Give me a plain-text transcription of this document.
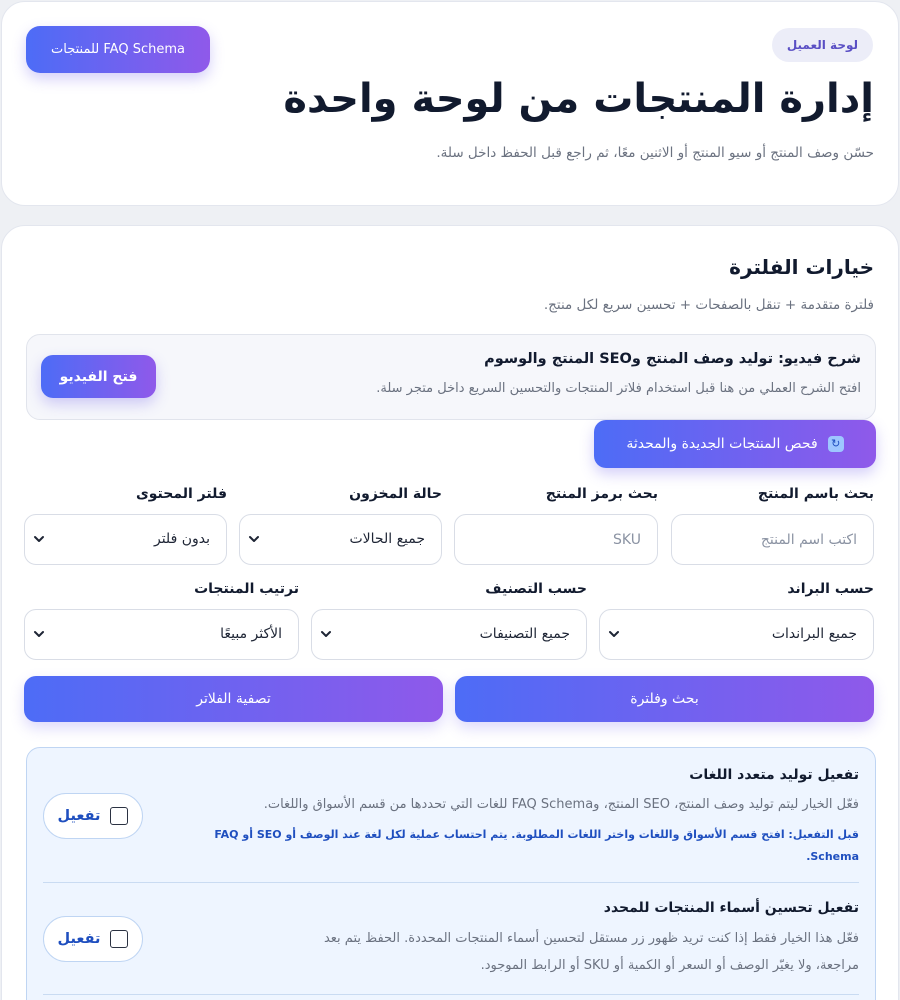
لوحة العميل
FAQ Schema للمنتجات
إدارة المنتجات من لوحة واحدة

حسّن وصف المنتج أو سيو المنتج أو الاثنين معًا، ثم راجع قبل الحفظ داخل سلة.

خيارات الفلترة

فلترة متقدمة + تنقل بالصفحات + تحسين سريع لكل منتج.

شرح فيديو: توليد وصف المنتج وSEO المنتج والوسوم
افتح الشرح العملي من هنا قبل استخدام فلاتر المنتجات والتحسين السريع داخل متجر سلة.
فتح الفيديو
↻
فحص المنتجات الجديدة والمحدثة
بحث باسم المنتج
بحث برمز المنتج
حالة المخزون
فلتر المحتوى
اكتب اسم المنتج
SKU
جميع الحالات
بدون فلتر
حسب البراند
حسب التصنيف
ترتيب المنتجات
جميع البراندات
جميع التصنيفات
الأكثر مبيعًا
بحث وفلترة
تصفية الفلاتر
تفعيل توليد متعدد اللغات
فعّل الخيار ليتم توليد وصف المنتج، SEO المنتج، وFAQ Schema للغات التي تحددها من قسم الأسواق واللغات.
قبل التفعيل: افتح قسم الأسواق واللغات واختر اللغات المطلوبة. يتم احتساب عملية لكل لغة عند الوصف أو SEO أو FAQ Schema.
تفعيل
تفعيل تحسين أسماء المنتجات للمحدد
فعّل هذا الخيار فقط إذا كنت تريد ظهور زر مستقل لتحسين أسماء المنتجات المحددة. الحفظ يتم بعد
مراجعة، ولا يغيّر الوصف أو السعر أو الكمية أو SKU أو الرابط الموجود.
تفعيل
